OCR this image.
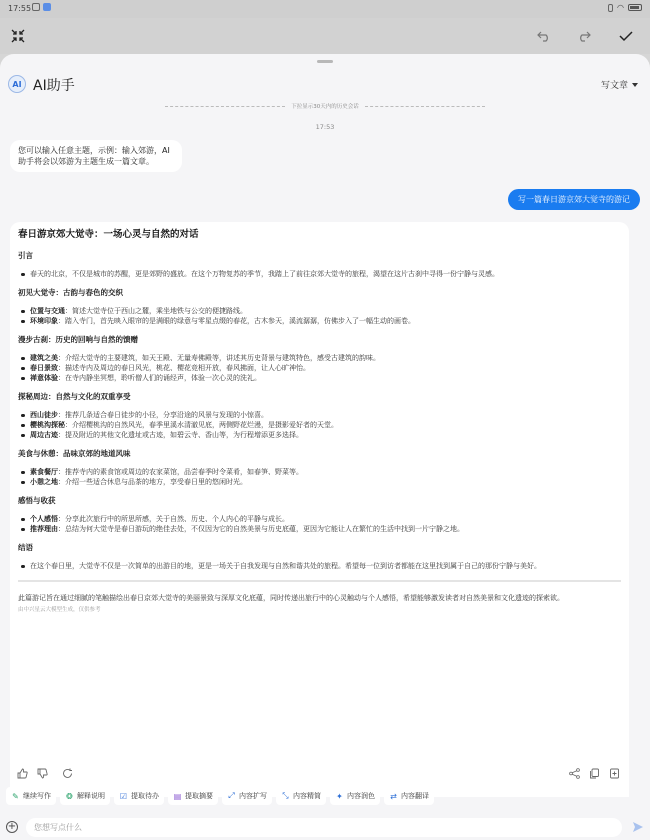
17:55	◠
AI AI助手	写文章
下拉显示30天内的历史会话
17:53
您可以输入任意主题，示例：输入郊游，AI助手将会以郊游为主题生成一篇文章。
写一篇春日游京郊大觉寺的游记
春日游京郊大觉寺：一场心灵与自然的对话
引言
春天的北京，不仅是城市的苏醒，更是郊野的盛放。在这个万物复苏的季节，我踏上了前往京郊大觉寺的旅程，渴望在这片古刹中寻得一份宁静与灵感。
初见大觉寺：古韵与春色的交织
位置与交通：简述大觉寺位于西山之麓，乘坐地铁与公交的便捷路线。
环境印象：踏入寺门，首先映入眼帘的是满眼的绿意与零星点缀的春花，古木参天，溪流潺潺，仿佛步入了一幅生动的画卷。
漫步古刹：历史的回响与自然的馈赠
建筑之美：介绍大觉寺的主要建筑，如天王殿、无量寿佛殿等，讲述其历史背景与建筑特色，感受古建筑的韵味。
春日景致：描述寺内及周边的春日风光，桃花、樱花竞相开放，春风拂面，让人心旷神怡。
禅意体验：在寺内静坐冥想，聆听僧人们的诵经声，体验一次心灵的洗礼。
探秘周边：自然与文化的双重享受
西山徒步：推荐几条适合春日徒步的小径，分享沿途的风景与发现的小惊喜。
樱桃沟探秘：介绍樱桃沟的自然风光，春季里溪水清澈见底，两侧野花烂漫，是摄影爱好者的天堂。
周边古迹：提及附近的其他文化遗址或古迹，如碧云寺、香山等，为行程增添更多选择。
美食与休憩：品味京郊的地道风味
素食餐厅：推荐寺内的素食馆或周边的农家菜馆，品尝春季时令菜肴，如春笋、野菜等。
小憩之地：介绍一些适合休息与品茶的地方，享受春日里的悠闲时光。
感悟与收获
个人感悟：分享此次旅行中的所思所感，关于自然、历史、个人内心的平静与成长。
推荐理由：总结为何大觉寺是春日游玩的绝佳去处，不仅因为它的自然美景与历史底蕴，更因为它能让人在繁忙的生活中找到一片宁静之地。
结语
在这个春日里，大觉寺不仅是一次简单的出游目的地，更是一场关于自我发现与自然和谐共处的旅程。希望每一位到访者都能在这里找到属于自己的那份宁静与美好。
此篇游记旨在通过细腻的笔触描绘出春日京郊大觉寺的美丽景致与深厚文化底蕴，同时传递出旅行中的心灵触动与个人感悟，希望能够激发读者对自然美景和文化遗迹的探索欲。
由中兴星云大模型生成，仅供参考
✎ 继续写作 ❂ 解释说明 ☑ 提取待办 ▤ 提取摘要 ⤢ 内容扩写 ⤡ 内容精简 ✦ 内容润色 ⇄ 内容翻译
+
您想写点什么
